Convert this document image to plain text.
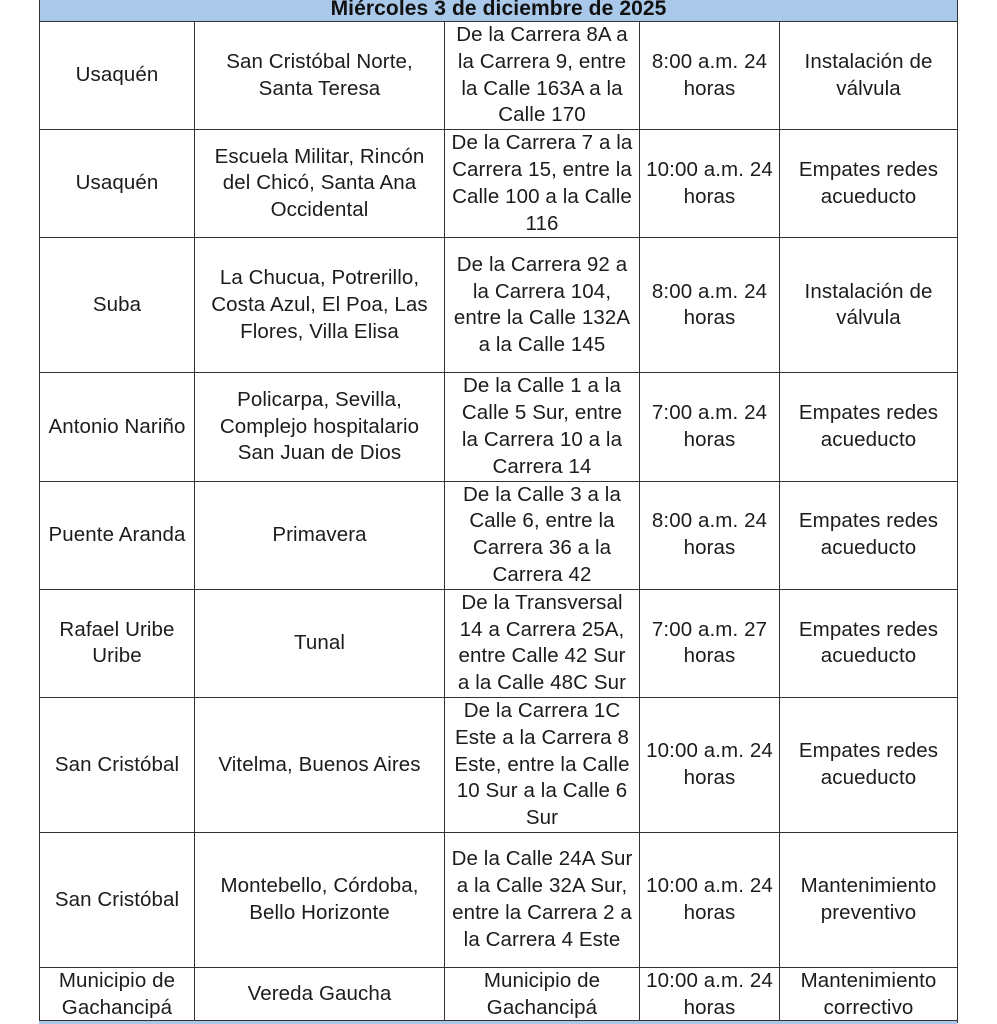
Miércoles 3 de diciembre de 2025				
Usaquén	San Cristóbal Norte, Santa Teresa	De la Carrera 8A a la Carrera 9, entre la Calle 163A a la Calle 170	8:00 a.m. 24 horas	Instalación de válvula
Usaquén	Escuela Militar, Rincón del Chicó, Santa Ana Occidental	De la Carrera 7 a la Carrera 15, entre la Calle 100 a la Calle 116	10:00 a.m. 24 horas	Empates redes acueducto
Suba	La Chucua, Potrerillo, Costa Azul, El Poa, Las Flores, Villa Elisa	De la Carrera 92 a la Carrera 104, entre la Calle 132A a la Calle 145	8:00 a.m. 24 horas	Instalación de válvula
Antonio Nariño	Policarpa, Sevilla, Complejo hospitalario San Juan de Dios	De la Calle 1 a la Calle 5 Sur, entre la Carrera 10 a la Carrera 14	7:00 a.m. 24 horas	Empates redes acueducto
Puente Aranda	Primavera	De la Calle 3 a la Calle 6, entre la Carrera 36 a la Carrera 42	8:00 a.m. 24 horas	Empates redes acueducto
Rafael Uribe Uribe	Tunal	De la Transversal 14 a Carrera 25A, entre Calle 42 Sur a la Calle 48C Sur	7:00 a.m. 27 horas	Empates redes acueducto
San Cristóbal	Vitelma, Buenos Aires	De la Carrera 1C Este a la Carrera 8 Este, entre la Calle 10 Sur a la Calle 6 Sur	10:00 a.m. 24 horas	Empates redes acueducto
San Cristóbal	Montebello, Córdoba, Bello Horizonte	De la Calle 24A Sur a la Calle 32A Sur, entre la Carrera 2 a la Carrera 4 Este	10:00 a.m. 24 horas	Mantenimiento preventivo
Municipio de Gachancipá	Vereda Gaucha	Municipio de Gachancipá	10:00 a.m. 24 horas	Mantenimiento correctivo
